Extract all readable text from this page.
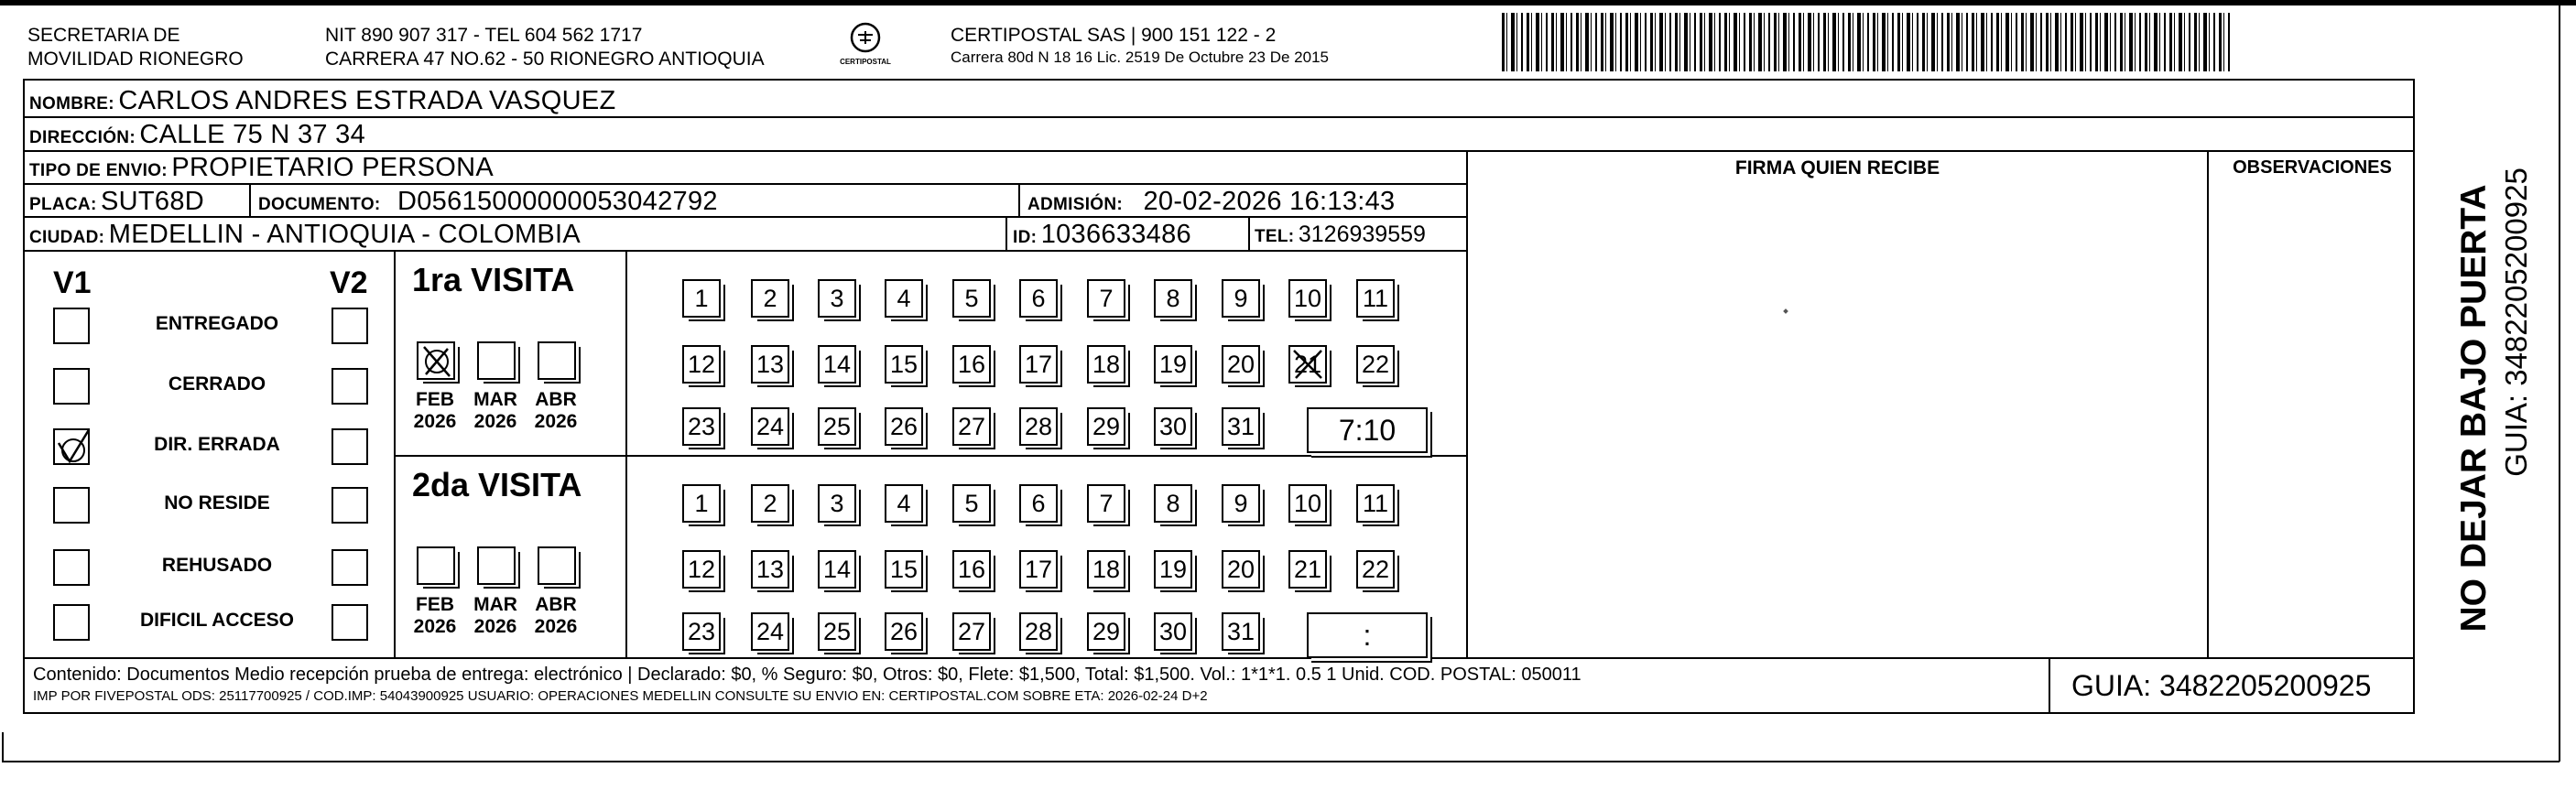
SECRETARIA DE
MOVILIDAD RIONEGRO
NIT 890 907 317 - TEL 604 562 1717
CARRERA 47 NO.62 - 50 RIONEGRO ANTIOQUIA	CERTIPOSTAL
CERTIPOSTAL SAS | 900 151 122 - 2
Carrera 80d N 18 16 Lic. 2519 De Octubre 23 De 2015
NOMBRE: CARLOS ANDRES ESTRADA VASQUEZ
DIRECCIÓN: CALLE 75 N 37 34
TIPO DE ENVIO: PROPIETARIO PERSONA	FIRMA QUIEN RECIBE	OBSERVACIONES
PLACA: SUT68D	DOCUMENTO: D05615000000053042792	ADMISIÓN: 20-02-2026 16:13:43
CIUDAD: MEDELLIN - ANTIOQUIA - COLOMBIA	ID: 1036633486	TEL: 3126939559
V1	V2
ENTREGADO
CERRADO
DIR. ERRADA
NO RESIDE
REHUSADO
DIFICIL ACCESO
1ra VISITA
FEB
2026
MAR
2026
ABR
2026
1	2	3	4	5	6	7	8	9	10 11
12 13 14 15 16 17 18 19 20 21 22
23 24 25 26 27 28 29 30 31	7:10
2da VISITA
FEB
2026
MAR
2026
ABR
2026
1	2	3	4	5	6	7	8	9	10 11
12 13 14 15 16 17 18 19 20 21 22
23 24 25 26 27 28 29 30 31	:
Contenido: Documentos Medio recepción prueba de entrega: electrónico | Declarado: $0, % Seguro: $0, Otros: $0, Flete: $1,500, Total: $1,500. Vol.: 1*1*1. 0.5 1 Unid. COD. POSTAL: 050011
IMP POR FIVEPOSTAL ODS: 25117700925 / COD.IMP: 54043900925 USUARIO: OPERACIONES MEDELLIN CONSULTE SU ENVIO EN: CERTIPOSTAL.COM SOBRE ETA: 2026-02-24 D+2	GUIA: 3482205200925
NO DEJAR BAJO PUERTA GUIA: 3482205200925
